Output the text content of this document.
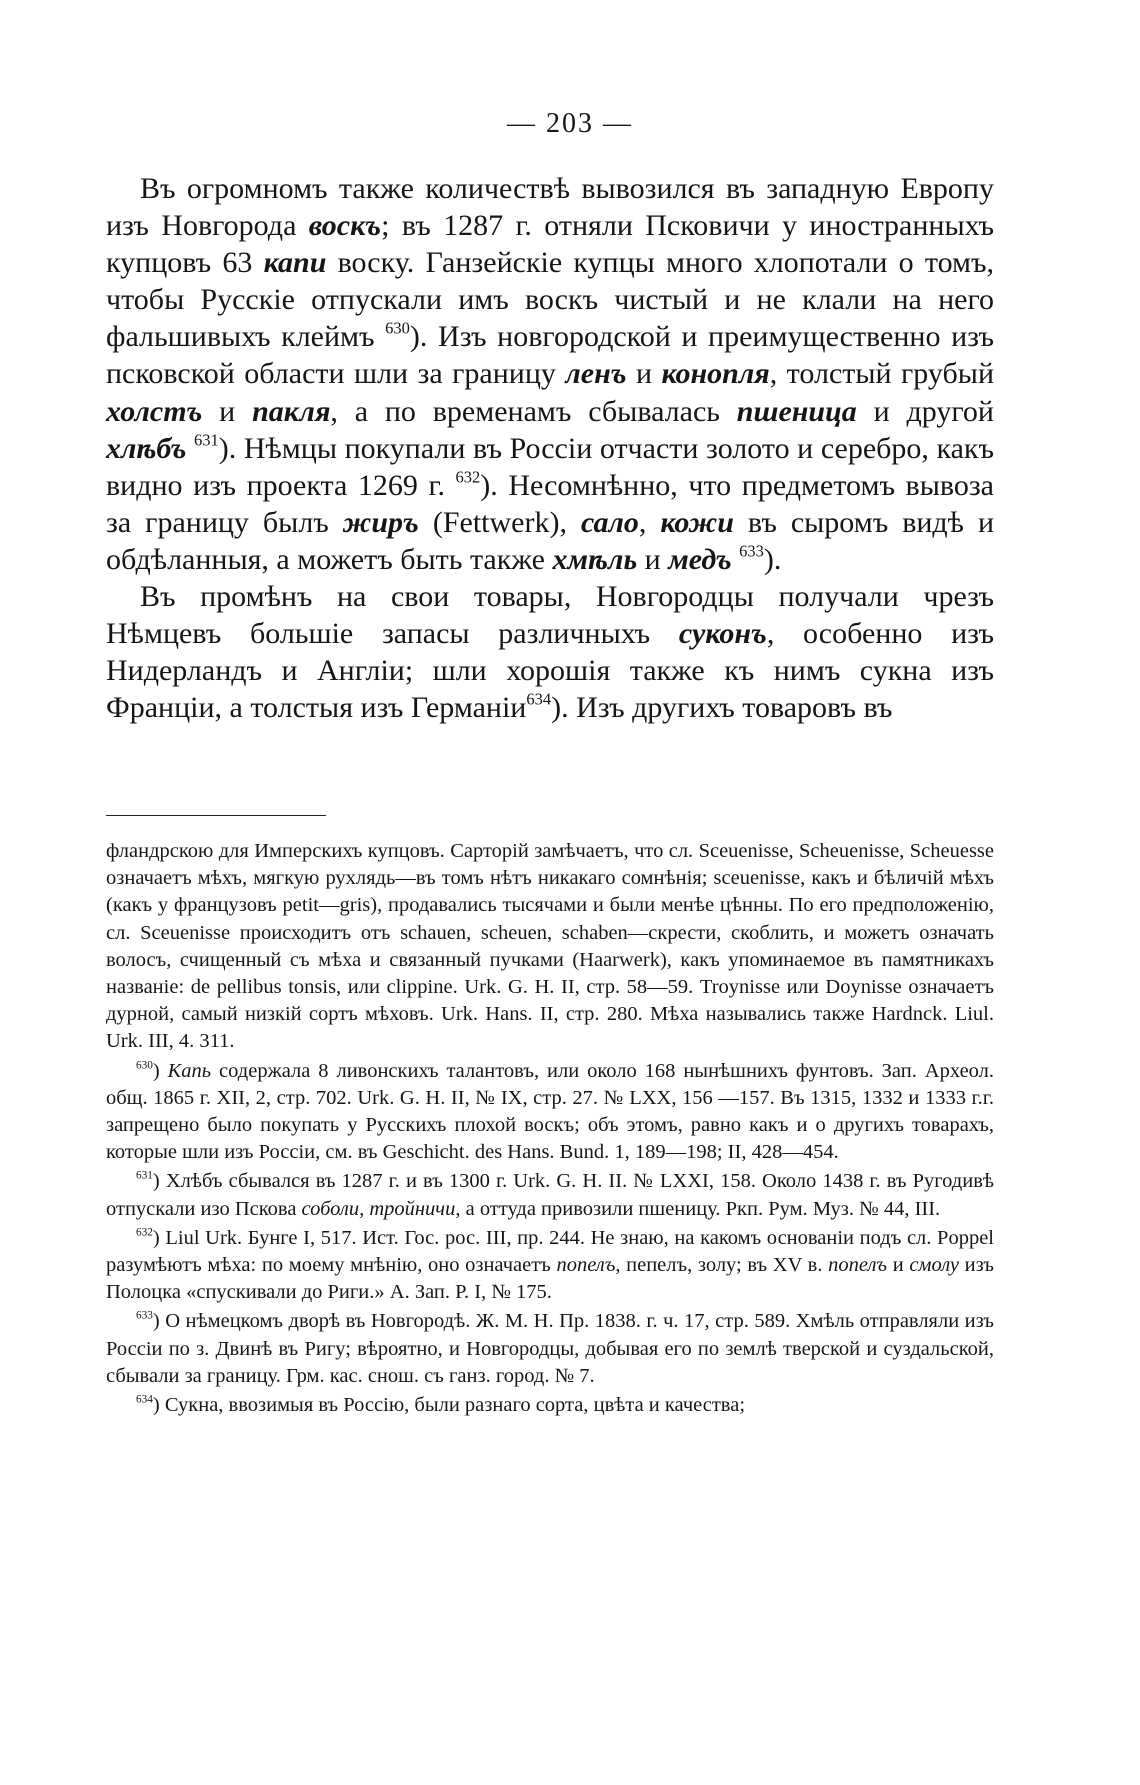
— 203 —

Въ огромномъ также количествѣ вывозился въ западную Европу изъ Новгорода воскъ; въ 1287 г. отняли Псковичи у иностранныхъ купцовъ 63 капи воску. Ганзейскіе купцы много хлопотали о томъ, чтобы Русскіе отпускали имъ воскъ чистый и не клали на него фальшивыхъ клеймъ $^{630}$). Изъ новгородской и преимущественно изъ псковской области шли за границу ленъ и конопля, толстый грубый холстъ и пакля, а по временамъ сбывалась пшеница и другой хлѣбъ $^{631}$). Нѣмцы покупали въ Россіи отчасти золото и серебро, какъ видно изъ проекта 1269 г. $^{632}$). Несомнѣнно, что предметомъ вывоза за границу былъ жиръ (Fettwerk), сало, кожи въ сыромъ видѣ и обдѣланныя, а можетъ быть также хмѣль и медъ $^{633}$).

Въ промѣнъ на свои товары, Новгородцы получали чрезъ Нѣмцевъ большіе запасы различныхъ суконъ, особенно изъ Нидерландъ и Англіи; шли хорошія также къ нимъ сукна изъ Франціи, а толстыя изъ Германіи$^{634}$). Изъ другихъ товаровъ въ

фландрскою для Имперскихъ купцовъ. Сарторій замѣчаетъ, что сл. Sceuenisse, Scheuenisse, Scheuesse означаетъ мѣхъ, мягкую рухлядь—въ томъ нѣтъ никакаго сомнѣнія; sceuenisse, какъ и бѣличій мѣхъ (какъ у французовъ petit—gris), продавались тысячами и были менѣе цѣнны. По его предположенію, сл. Sceuenisse происходитъ отъ schauen, scheuen, schaben—скрести, скоблить, и можетъ означать волосъ, счищенный съ мѣха и связанный пучками (Haarwerk), какъ упоминаемое въ памятникахъ названіе: de pellibus tonsis, или clippine. Urk. G. H. II, стр. 58—59. Troynisse или Doynisse означаетъ дурной, самый низкій сортъ мѣховъ. Urk. Hans. II, стр. 280. Мѣха назывались также Hardnck. Liul. Urk. III, 4. 311.

$^{630}$) Капь содержала 8 ливонскихъ талантовъ, или около 168 нынѣшнихъ фунтовъ. Зап. Археол. общ. 1865 г. XII, 2, стр. 702. Urk. G. H. II, № IX, стр. 27. № LXX, 156 —157. Въ 1315, 1332 и 1333 г.г. запрещено было покупать у Русскихъ плохой воскъ; объ этомъ, равно какъ и о другихъ товарахъ, которые шли изъ Россіи, см. въ Geschicht. des Hans. Bund. 1, 189—198; II, 428—454.

$^{631}$) Хлѣбъ сбывался въ 1287 г. и въ 1300 г. Urk. G. H. II. № LXXI, 158. Около 1438 г. въ Ругодивѣ отпускали изо Пскова соболи, тройничи, а оттуда привозили пшеницу. Ркп. Рум. Муз. № 44, III.

$^{632}$) Liul Urk. Бунге I, 517. Ист. Гос. рос. III, пр. 244. Не знаю, на какомъ основаніи подъ сл. Poppel разумѣютъ мѣха: по моему мнѣнію, оно означаетъ попелъ, пепелъ, золу; въ XV в. попелъ и смолу изъ Полоцка «спускивали до Риги.» А. Зап. Р. I, № 175.

$^{633}$) О нѣмецкомъ дворѣ въ Новгородѣ. Ж. М. Н. Пр. 1838. г. ч. 17, стр. 589. Хмѣль отправляли изъ Россіи по з. Двинѣ въ Ригу; вѣроятно, и Новгородцы, добывая его по землѣ тверской и суздальской, сбывали за границу. Грм. кас. снош. съ ганз. город. № 7.

$^{634}$) Сукна, ввозимыя въ Россію, были разнаго сорта, цвѣта и качества;
